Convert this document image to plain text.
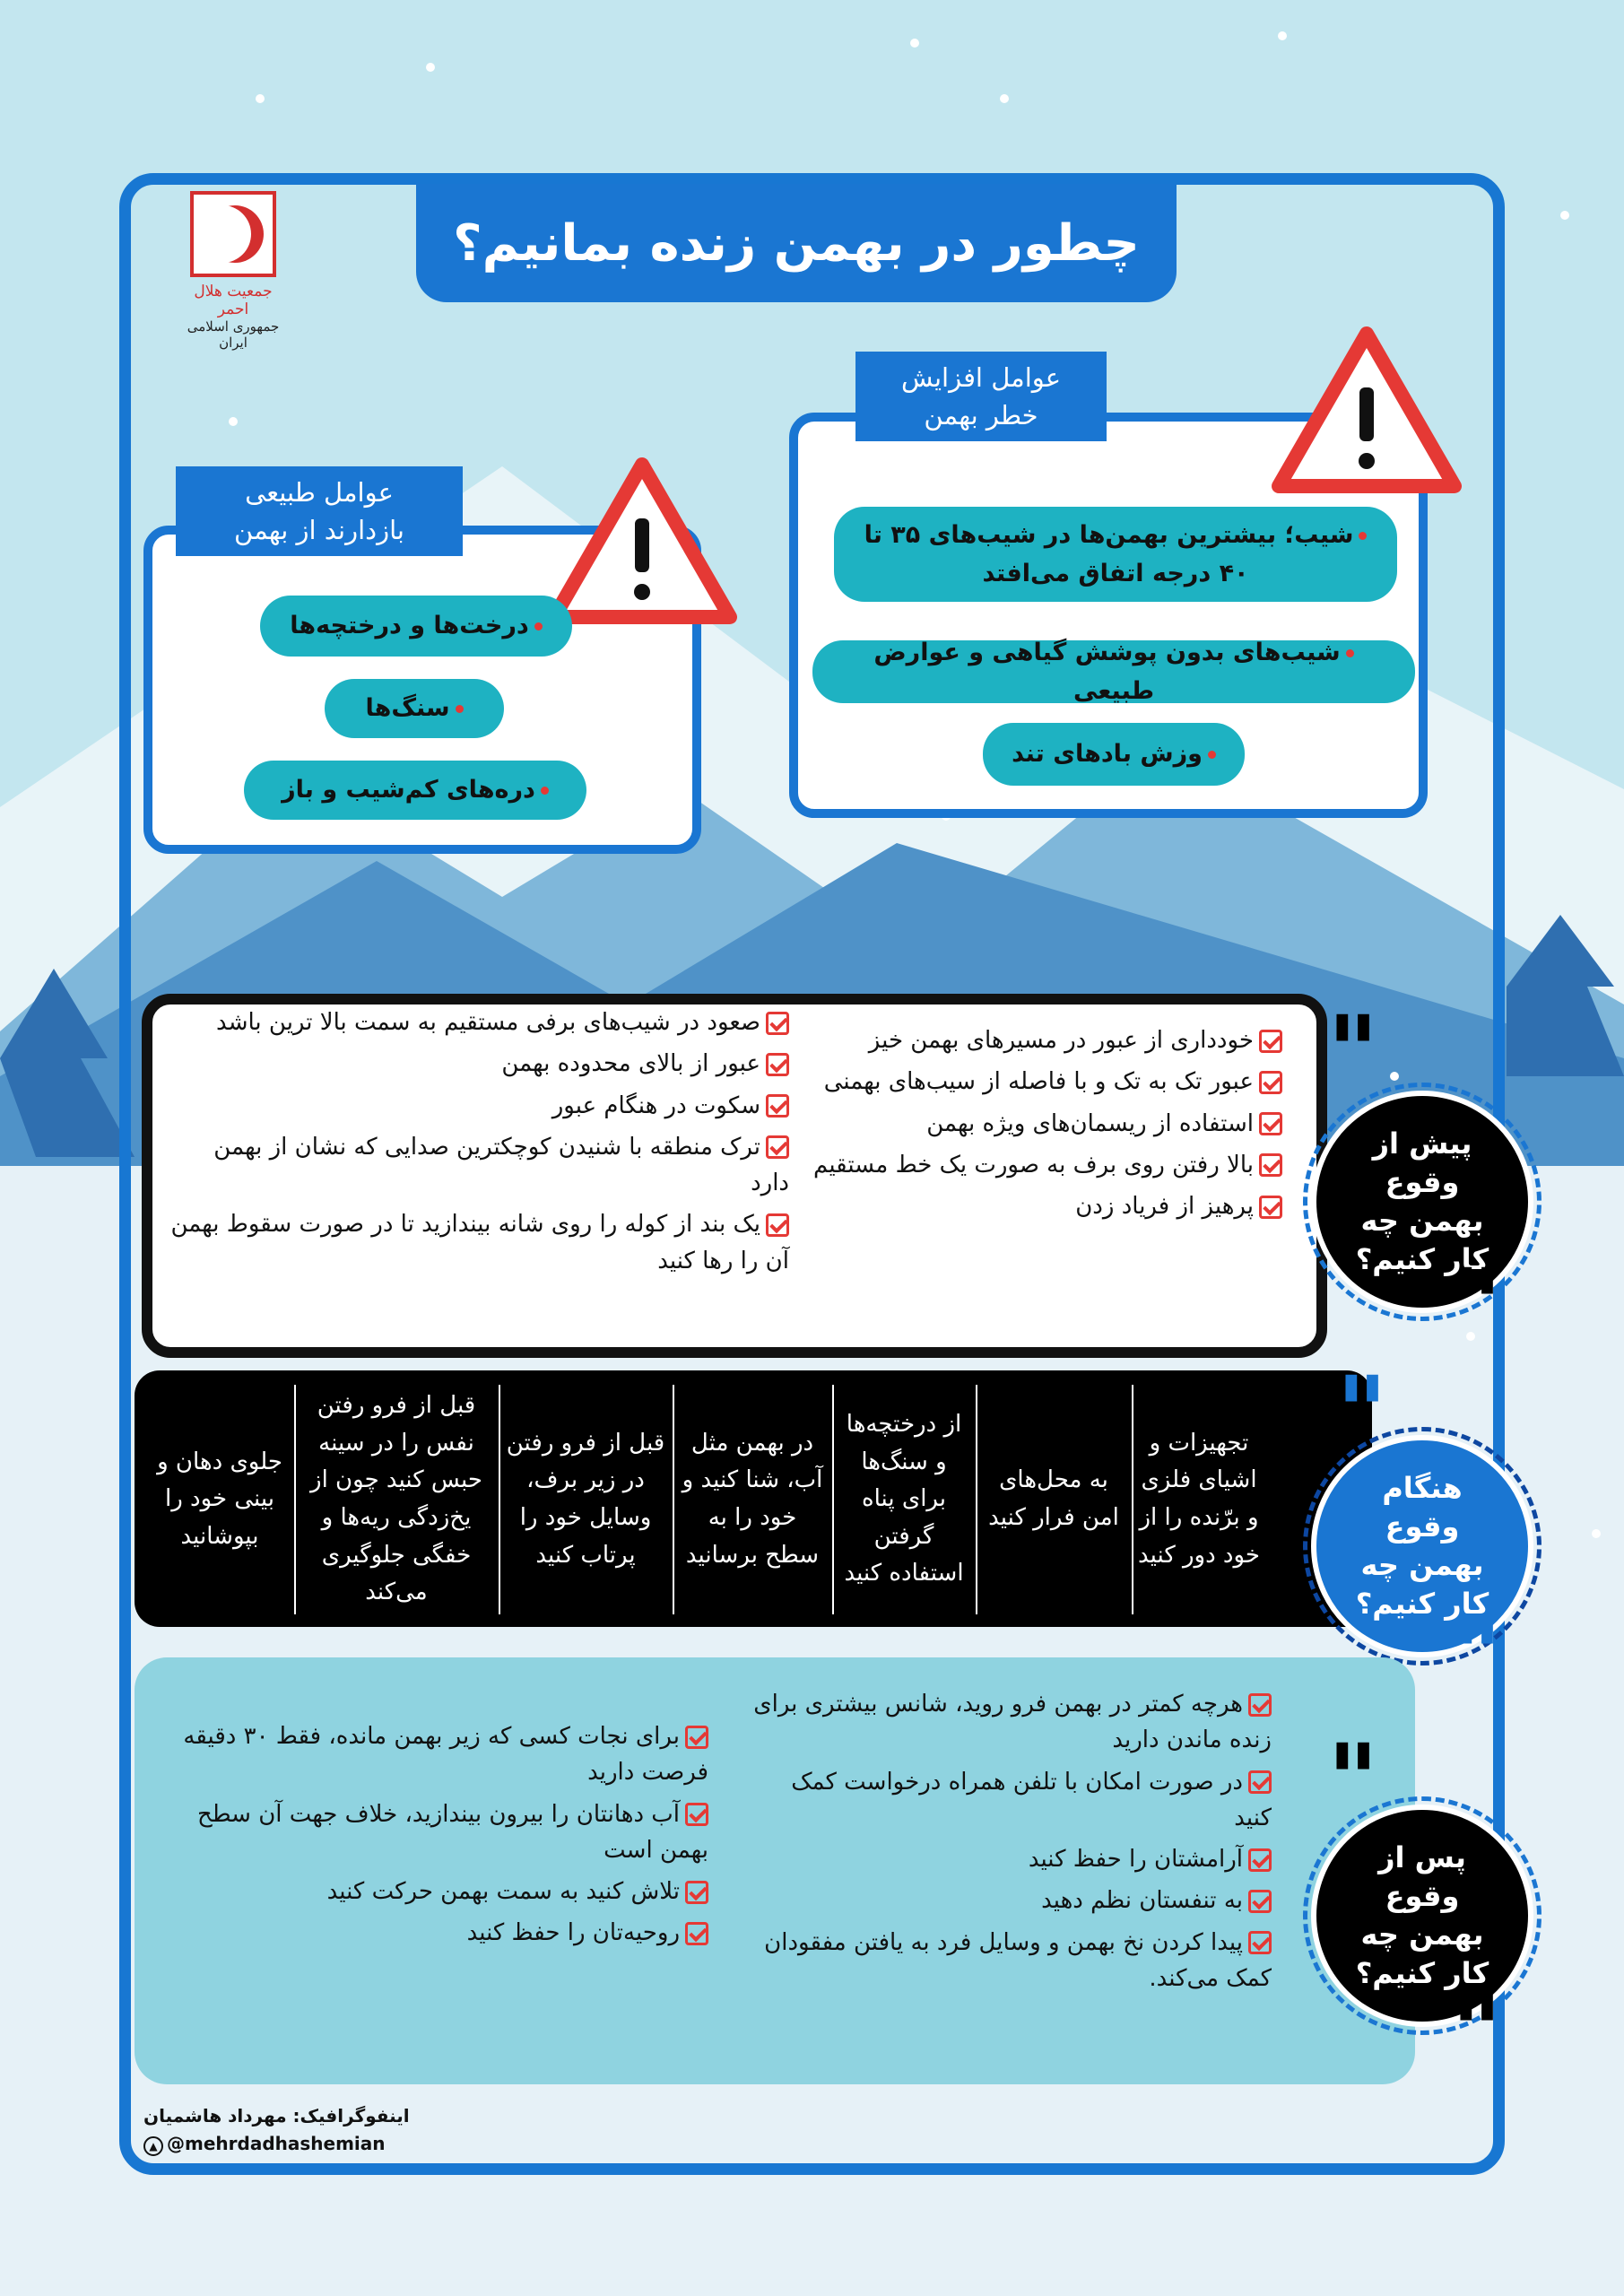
جمعیت هلال احمر
جمهوری اسلامی ایران
چطور در بهمن زنده بمانیم؟
عوامل افزایش
خطر بهمن
شیب؛ بیشترین بهمن‌ها در شیب‌های ۳۵ تا ۴۰ درجه اتفاق می‌افتد
شیب‌های بدون پوشش گیاهی و عوارض طبیعی
وزش بادهای تند
عوامل طبیعی
بازدارند از بهمن
درخت‌ها و درختچه‌ها
سنگ‌ها
دره‌های کم‌شیب و باز
خودداری از عبور در مسیرهای بهمن خیز
عبور تک به تک و با فاصله از سیب‌های بهمنی
استفاده از ریسمان‌های ویژه بهمن
بالا رفتن روی برف به صورت یک خط مستقیم
پرهیز از فریاد زدن
صعود در شیب‌های برفی مستقیم به سمت بالا ترین باشد
عبور از بالای محدوده بهمن
سکوت در هنگام عبور
ترک منطقه با شنیدن کوچکترین صدایی که نشان از بهمن دارد
یک بند از کوله را روی شانه بیندازید تا در صورت سقوط بهمن آن را رها کنید
پیش از وقوع بهمن چه کار کنیم؟
"
"
تجهیزات و اشیای فلزی و برّنده را از خود دور کنید
به محل‌های امن فرار کنید
از درختچه‌ها و سنگ‌ها برای پناه گرفتن استفاده کنید
در بهمن مثل آب، شنا کنید و خود را به سطح برسانید
قبل از فرو رفتن در زیر برف، وسایل خود را پرتاب کنید
قبل از فرو رفتن نفس را در سینه حبس کنید چون از یخ‌زدگی ریه‌ها و خفگی جلوگیری می‌کند
جلوی دهان و بینی خود را بپوشانید
هنگام وقوع بهمن چه کار کنیم؟
"
"
هرچه کمتر در بهمن فرو روید، شانس بیشتری برای زنده ماندن دارید
در صورت امکان با تلفن همراه درخواست کمک کنید
آرامشتان را حفظ کنید
به تنفستان نظم دهید
پیدا کردن نخ بهمن و وسایل فرد به یافتن مفقودان کمک می‌کند.
برای نجات کسی که زیر بهمن مانده، فقط ۳۰ دقیقه فرصت دارید
آب دهانتان را بیرون بیندازید، خلاف جهت آن سطح بهمن است
تلاش کنید به سمت بهمن حرکت کنید
روحیه‌تان را حفظ کنید
پس از وقوع بهمن چه کار کنیم؟
"
"
اینفوگرافیک: مهرداد هاشمیان
▲ @mehrdadhashemian
